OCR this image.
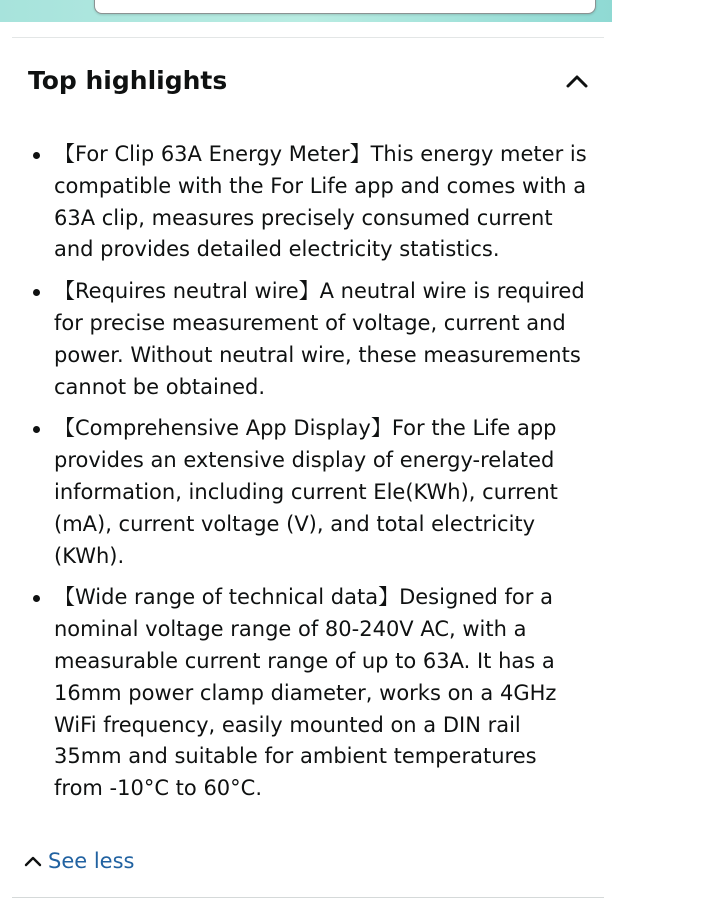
Top highlights
【For Clip 63A Energy Meter】This energy meter is compatible with the For Life app and comes with a 63A clip, measures precisely consumed current and provides detailed electricity statistics.
【Requires neutral wire】A neutral wire is required for precise measurement of voltage, current and power. Without neutral wire, these measurements cannot be obtained.
【Comprehensive App Display】For the Life app provides an extensive display of energy-related information, including current Ele(KWh), current (mA), current voltage (V), and total electricity (KWh).
【Wide range of technical data】Designed for a nominal voltage range of 80-240V AC, with a measurable current range of up to 63A. It has a 16mm power clamp diameter, works on a 4GHz WiFi frequency, easily mounted on a DIN rail 35mm and suitable for ambient temperatures from -10°C to 60°C.
See less
